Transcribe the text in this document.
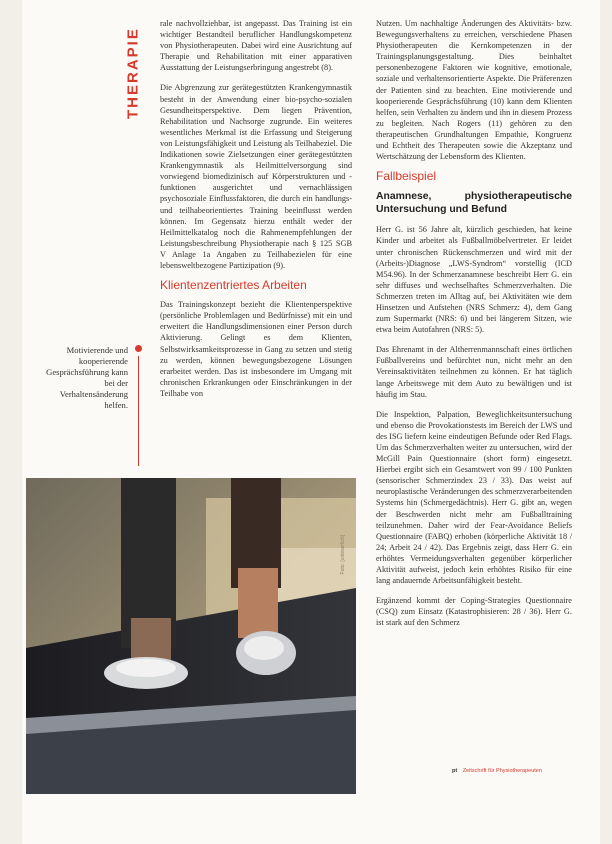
THERAPIE
Motivierende und kooperierende Gesprächsführung kann bei der Verhaltensänderung helfen.

rale nachvollziehbar, ist angepasst. Das Training ist ein wichtiger Bestandteil beruflicher Handlungskompetenz von Physiotherapeuten. Dabei wird eine Ausrichtung auf Therapie und Rehabilitation mit einer apparativen Ausstattung der Leistungserbringung angestrebt (8).

Die Abgrenzung zur gerätegestützten Krankengymnastik besteht in der Anwendung einer bio-psycho-sozialen Gesundheitsperspektive. Dem liegen Prävention, Rehabilitation und Nachsorge zugrunde. Ein weiteres wesentliches Merkmal ist die Erfassung und Steigerung von Leistungsfähigkeit und Leistung als Teilhabeziel. Die Indikationen sowie Zielsetzungen einer gerätegestützten Krankengymnastik als Heilmittelversorgung sind vorwiegend biomedizinisch auf Körperstrukturen und -funktionen ausgerichtet und vernachlässigen psychosoziale Einflussfaktoren, die durch ein handlungs- und teilhabeorientiertes Training beeinflusst werden können. Im Gegensatz hierzu enthält weder der Heilmittelkatalog noch die Rahmenempfehlungen der Leistungsbeschreibung Physiotherapie nach § 125 SGB V Anlage 1a Angaben zu Teilhabezielen für eine lebensweltbezogene Partizipation (9).

Klientenzentriertes Arbeiten

Das Trainingskonzept bezieht die Klientenperspektive (persönliche Problemlagen und Bedürfnisse) mit ein und erweitert die Handlungsdimensionen einer Person durch Aktivierung. Gelingt es dem Klienten, Selbstwirksamkeitsprozesse in Gang zu setzen und stetig zu werden, können bewegungsbezogene Lösungen erarbeitet werden. Das ist insbesondere im Umgang mit chronischen Erkrankungen oder Einschränkungen in der Teilhabe von

Nutzen. Um nachhaltige Änderungen des Aktivitäts- bzw. Bewegungsverhaltens zu erreichen, verschiedene Phasen Physiotherapeuten die Kernkompetenzen in der Trainingsplanungsgestaltung. Dies beinhaltet personenbezogene Faktoren wie kognitive, emotionale, soziale und verhaltensorientierte Aspekte. Die Präferenzen der Patienten sind zu beachten. Eine motivierende und kooperierende Gesprächsführung (10) kann dem Klienten helfen, sein Verhalten zu ändern und ihn in diesem Prozess zu begleiten. Nach Rogers (11) gehören zu den therapeutischen Grundhaltungen Empathie, Kongruenz und Echtheit des Therapeuten sowie die Akzeptanz und Wertschätzung der Lebensform des Klienten.

Fallbeispiel
Anamnese, physiotherapeutische Untersuchung und Befund

Herr G. ist 56 Jahre alt, kürzlich geschieden, hat keine Kinder und arbeitet als Fußballmöbelvertreter. Er leidet unter chronischen Rückenschmerzen und wird mit der (Arbeits-)Diagnose „LWS-Syndrom“ vorstellig (ICD M54.96). In der Schmerzanamnese beschreibt Herr G. ein sehr diffuses und wechselhaftes Schmerzverhalten. Die Schmerzen treten im Alltag auf, bei Aktivitäten wie dem Hinsetzen und Aufstehen (NRS Schmerz: 4), dem Gang zum Supermarkt (NRS: 6) und bei längerem Sitzen, wie etwa beim Autofahren (NRS: 5).

Das Ehrenamt in der Altherrenmannschaft eines örtlichen Fußballvereins und befürchtet nun, nicht mehr an den Vereinsaktivitäten teilnehmen zu können. Er hat täglich lange Arbeitswege mit dem Auto zu bewältigen und ist häufig im Stau.

Die Inspektion, Palpation, Beweglichkeitsuntersuchung und ebenso die Provokationstests im Bereich der LWS und des ISG liefern keine eindeutigen Befunde oder Red Flags. Um das Schmerzverhalten weiter zu untersuchen, wird der McGill Pain Questionnaire (short form) eingesetzt. Hierbei ergibt sich ein Gesamtwert von 99 / 100 Punkten (sensorischer Schmerzindex 23 / 33). Das weist auf neuroplastische Veränderungen des schmerzverarbeitenden Systems hin (Schmergedächtnis). Herr G. gibt an, wegen der Beschwerden nicht mehr am Fußballtraining teilzunehmen. Daher wird der Fear-Avoidance Beliefs Questionnaire (FABQ) erhoben (körperliche Aktivität 18 / 24; Arbeit 24 / 42). Das Ergebnis zeigt, dass Herr G. ein erhöhtes Vermeidungsverhalten gegenüber körperlicher Aktivität aufweist, jedoch kein erhöhtes Risiko für eine lang andauernde Arbeitsunfähigkeit besteht.

Ergänzend kommt der Coping-Strategies Questionnaire (CSQ) zum Einsatz (Katastrophisieren: 28 / 36). Herr G. ist stark auf den Schmerz

Foto: [unleserlich]
pt Zeitschrift für Physiotherapeuten
